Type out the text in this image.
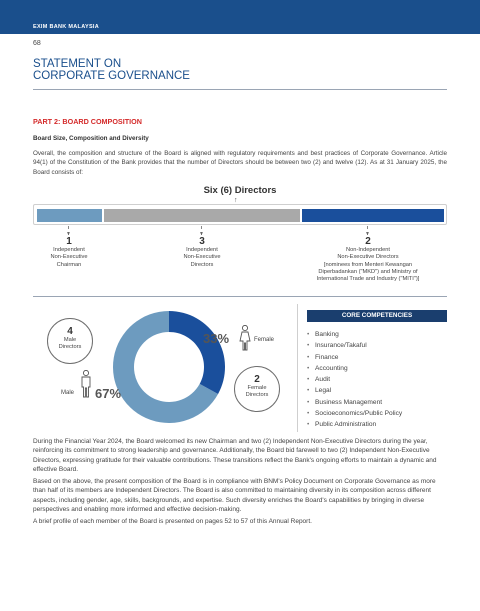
EXIM BANK MALAYSIA
68
STATEMENT ON
CORPORATE GOVERNANCE
PART 2: BOARD COMPOSITION
Board Size, Composition and Diversity
Overall, the composition and structure of the Board is aligned with regulatory requirements and best practices of Corporate Governance. Article 94(1) of the Constitution of the Bank provides that the number of Directors should be between two (2) and twelve (12). As at 31 January 2025, the Board consists of:
Six (6) Directors
↑
▼	▼	▼
1
Independent
Non-Executive
Chairman
3
Independent
Non-Executive
Directors
2
Non-Independent
Non-Executive Directors
[nominees from Menteri Kewangan
Diperbadankan ("MKD") and Ministry of
International Trade and Industry ("MITI")]
4
Male
Directors
2
Female
Directors
33%	Female
67%
Male
CORE COMPETENCIES
• Banking
• Insurance/Takaful
• Finance
• Accounting
• Audit
• Legal
• Business Management
• Socioeconomics/Public Policy
• Public Administration
During the Financial Year 2024, the Board welcomed its new Chairman and two (2) Independent Non-Executive Directors during the year, reinforcing its commitment to strong leadership and governance. Additionally, the Board bid farewell to two (2) Independent Non-Executive Directors, expressing gratitude for their valuable contributions. These transitions reflect the Bank's ongoing efforts to maintain a dynamic and effective Board.
Based on the above, the present composition of the Board is in compliance with BNM's Policy Document on Corporate Governance as more than half of its members are Independent Directors. The Board is also committed to maintaining diversity in its composition across different aspects, including gender, age, skills, backgrounds, and expertise. Such diversity enriches the Board's capabilities by bringing in diverse perspectives and enabling more informed and effective decision-making.
A brief profile of each member of the Board is presented on pages 52 to 57 of this Annual Report.
